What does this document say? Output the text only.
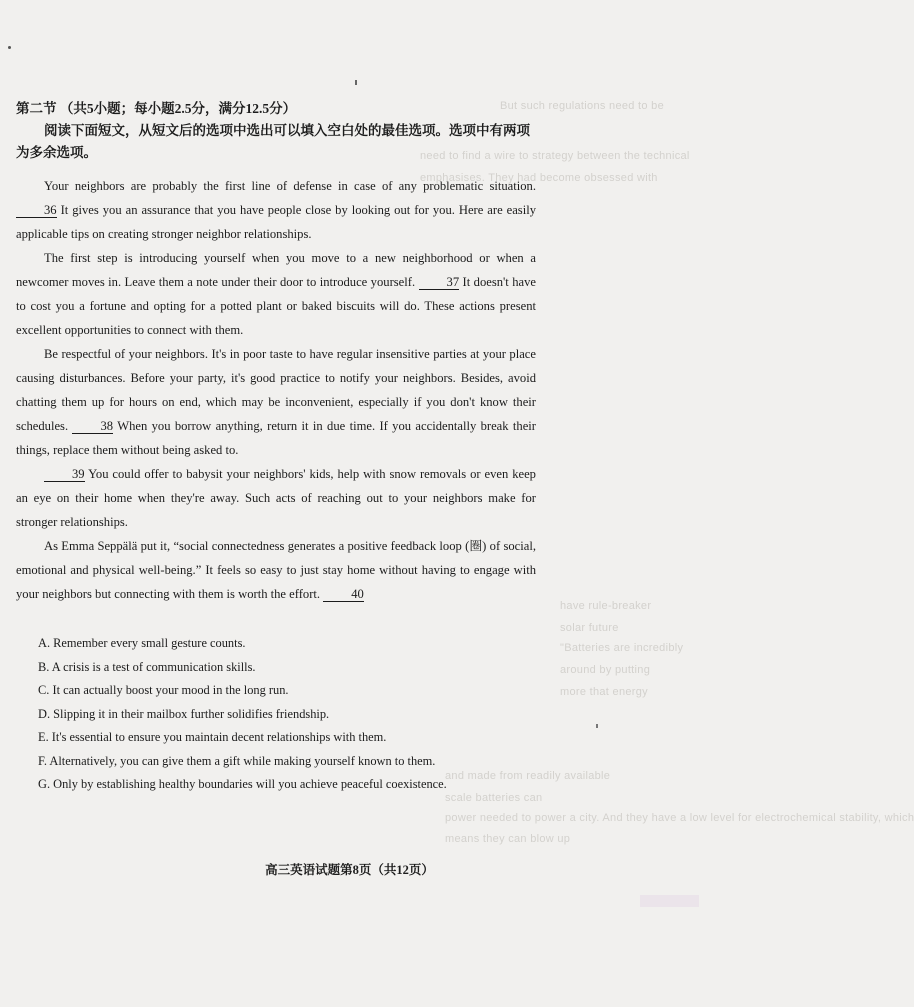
But such regulations need to be
need to find a wire to strategy between the technical
emphasises. They had become obsessed with
have rule-breaker
solar future
"Batteries are incredibly
around by putting
more that energy
and made from readily available
scale batteries can
power needed to power a city. And they have a low level for electrochemical stability, which
means they can blow up
第二节 （共5小题；每小题2.5分，满分12.5分）
阅读下面短文，从短文后的选项中选出可以填入空白处的最佳选项。选项中有两项为多余选项。

Your neighbors are probably the first line of defense in case of any problematic situation. 36 It gives you an assurance that you have people close by looking out for you. Here are easily applicable tips on creating stronger neighbor relationships.

The first step is introducing yourself when you move to a new neighborhood or when a newcomer moves in. Leave them a note under their door to introduce yourself. 37 It doesn't have to cost you a fortune and opting for a potted plant or baked biscuits will do. These actions present excellent opportunities to connect with them.

Be respectful of your neighbors. It's in poor taste to have regular insensitive parties at your place causing disturbances. Before your party, it's good practice to notify your neighbors. Besides, avoid chatting them up for hours on end, which may be inconvenient, especially if you don't know their schedules.	38 When you borrow anything, return it in due time. If you accidentally break their things, replace them without being asked to.

39 You could offer to babysit your neighbors' kids, help with snow removals or even keep an eye on their home when they're away. Such acts of reaching out to your neighbors make for stronger relationships.

As Emma Seppälä put it, “social connectedness generates a positive feedback loop (圈) of social, emotional and physical well-being.” It feels so easy to just stay home without having to engage with your neighbors but connecting with them is worth the effort. 40

A. Remember every small gesture counts.
B. A crisis is a test of communication skills.
C. It can actually boost your mood in the long run.
D. Slipping it in their mailbox further solidifies friendship.
E. It's essential to ensure you maintain decent relationships with them.
F. Alternatively, you can give them a gift while making yourself known to them.
G. Only by establishing healthy boundaries will you achieve peaceful coexistence.
高三英语试题第8页（共12页）
